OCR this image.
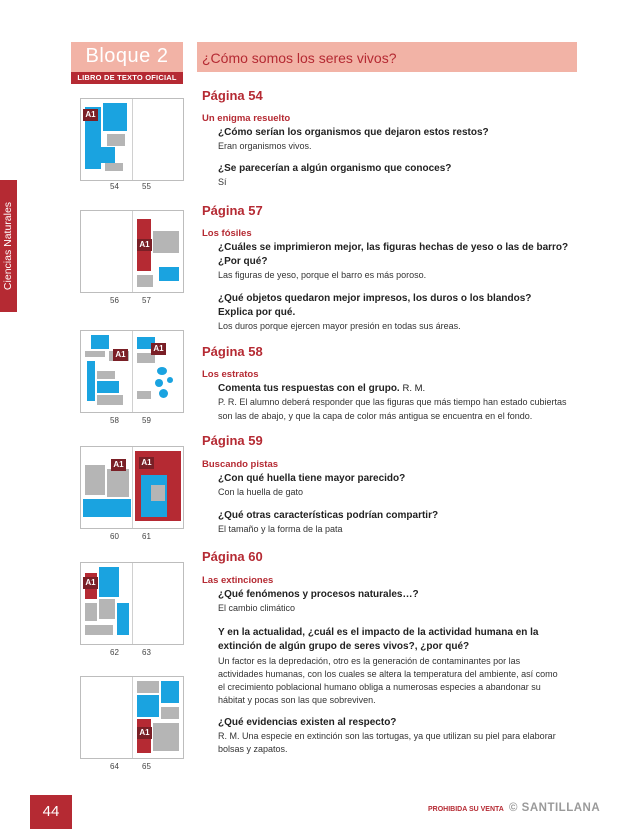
Bloque 2
LIBRO DE TEXTO OFICIAL
¿Cómo somos los seres vivos?
Ciencias Naturales
A1
54	55
A1
56	57
A1
A1
58	59
A1 A1
60	61
A1
62	63
A1
64	65
Página 54
Un enigma resuelto
¿Cómo serían los organismos que dejaron estos restos?
Eran organismos vivos.
¿Se parecerían a algún organismo que conoces?
Sí
Página 57
Los fósiles
¿Cuáles se imprimieron mejor, las figuras hechas de yeso o las de barro?
¿Por qué?
Las figuras de yeso, porque el barro es más poroso.
¿Qué objetos quedaron mejor impresos, los duros o los blandos?
Explica por qué.
Los duros porque ejercen mayor presión en todas sus áreas.
Página 58
Los estratos
Comenta tus respuestas con el grupo. R. M.
P. R. El alumno deberá responder que las figuras que más tiempo han estado cubiertas
son las de abajo, y que la capa de color más antigua se encuentra en el fondo.
Página 59
Buscando pistas
¿Con qué huella tiene mayor parecido?
Con la huella de gato
¿Qué otras características podrían compartir?
El tamaño y la forma de la pata
Página 60
Las extinciones
¿Qué fenómenos y procesos naturales…?
El cambio climático
Y en la actualidad, ¿cuál es el impacto de la actividad humana en la
extinción de algún grupo de seres vivos?, ¿por qué?
Un factor es la depredación, otro es la generación de contaminantes por las
actividades humanas, con los cuales se altera la temperatura del ambiente, así como
el crecimiento poblacional humano obliga a numerosas especies a abandonar su
hábitat y pocas son las que sobreviven.
¿Qué evidencias existen al respecto?
R. M. Una especie en extinción son las tortugas, ya que utilizan su piel para elaborar
bolsas y zapatos.
44	PROHIBIDA SU VENTA © SANTILLANA
